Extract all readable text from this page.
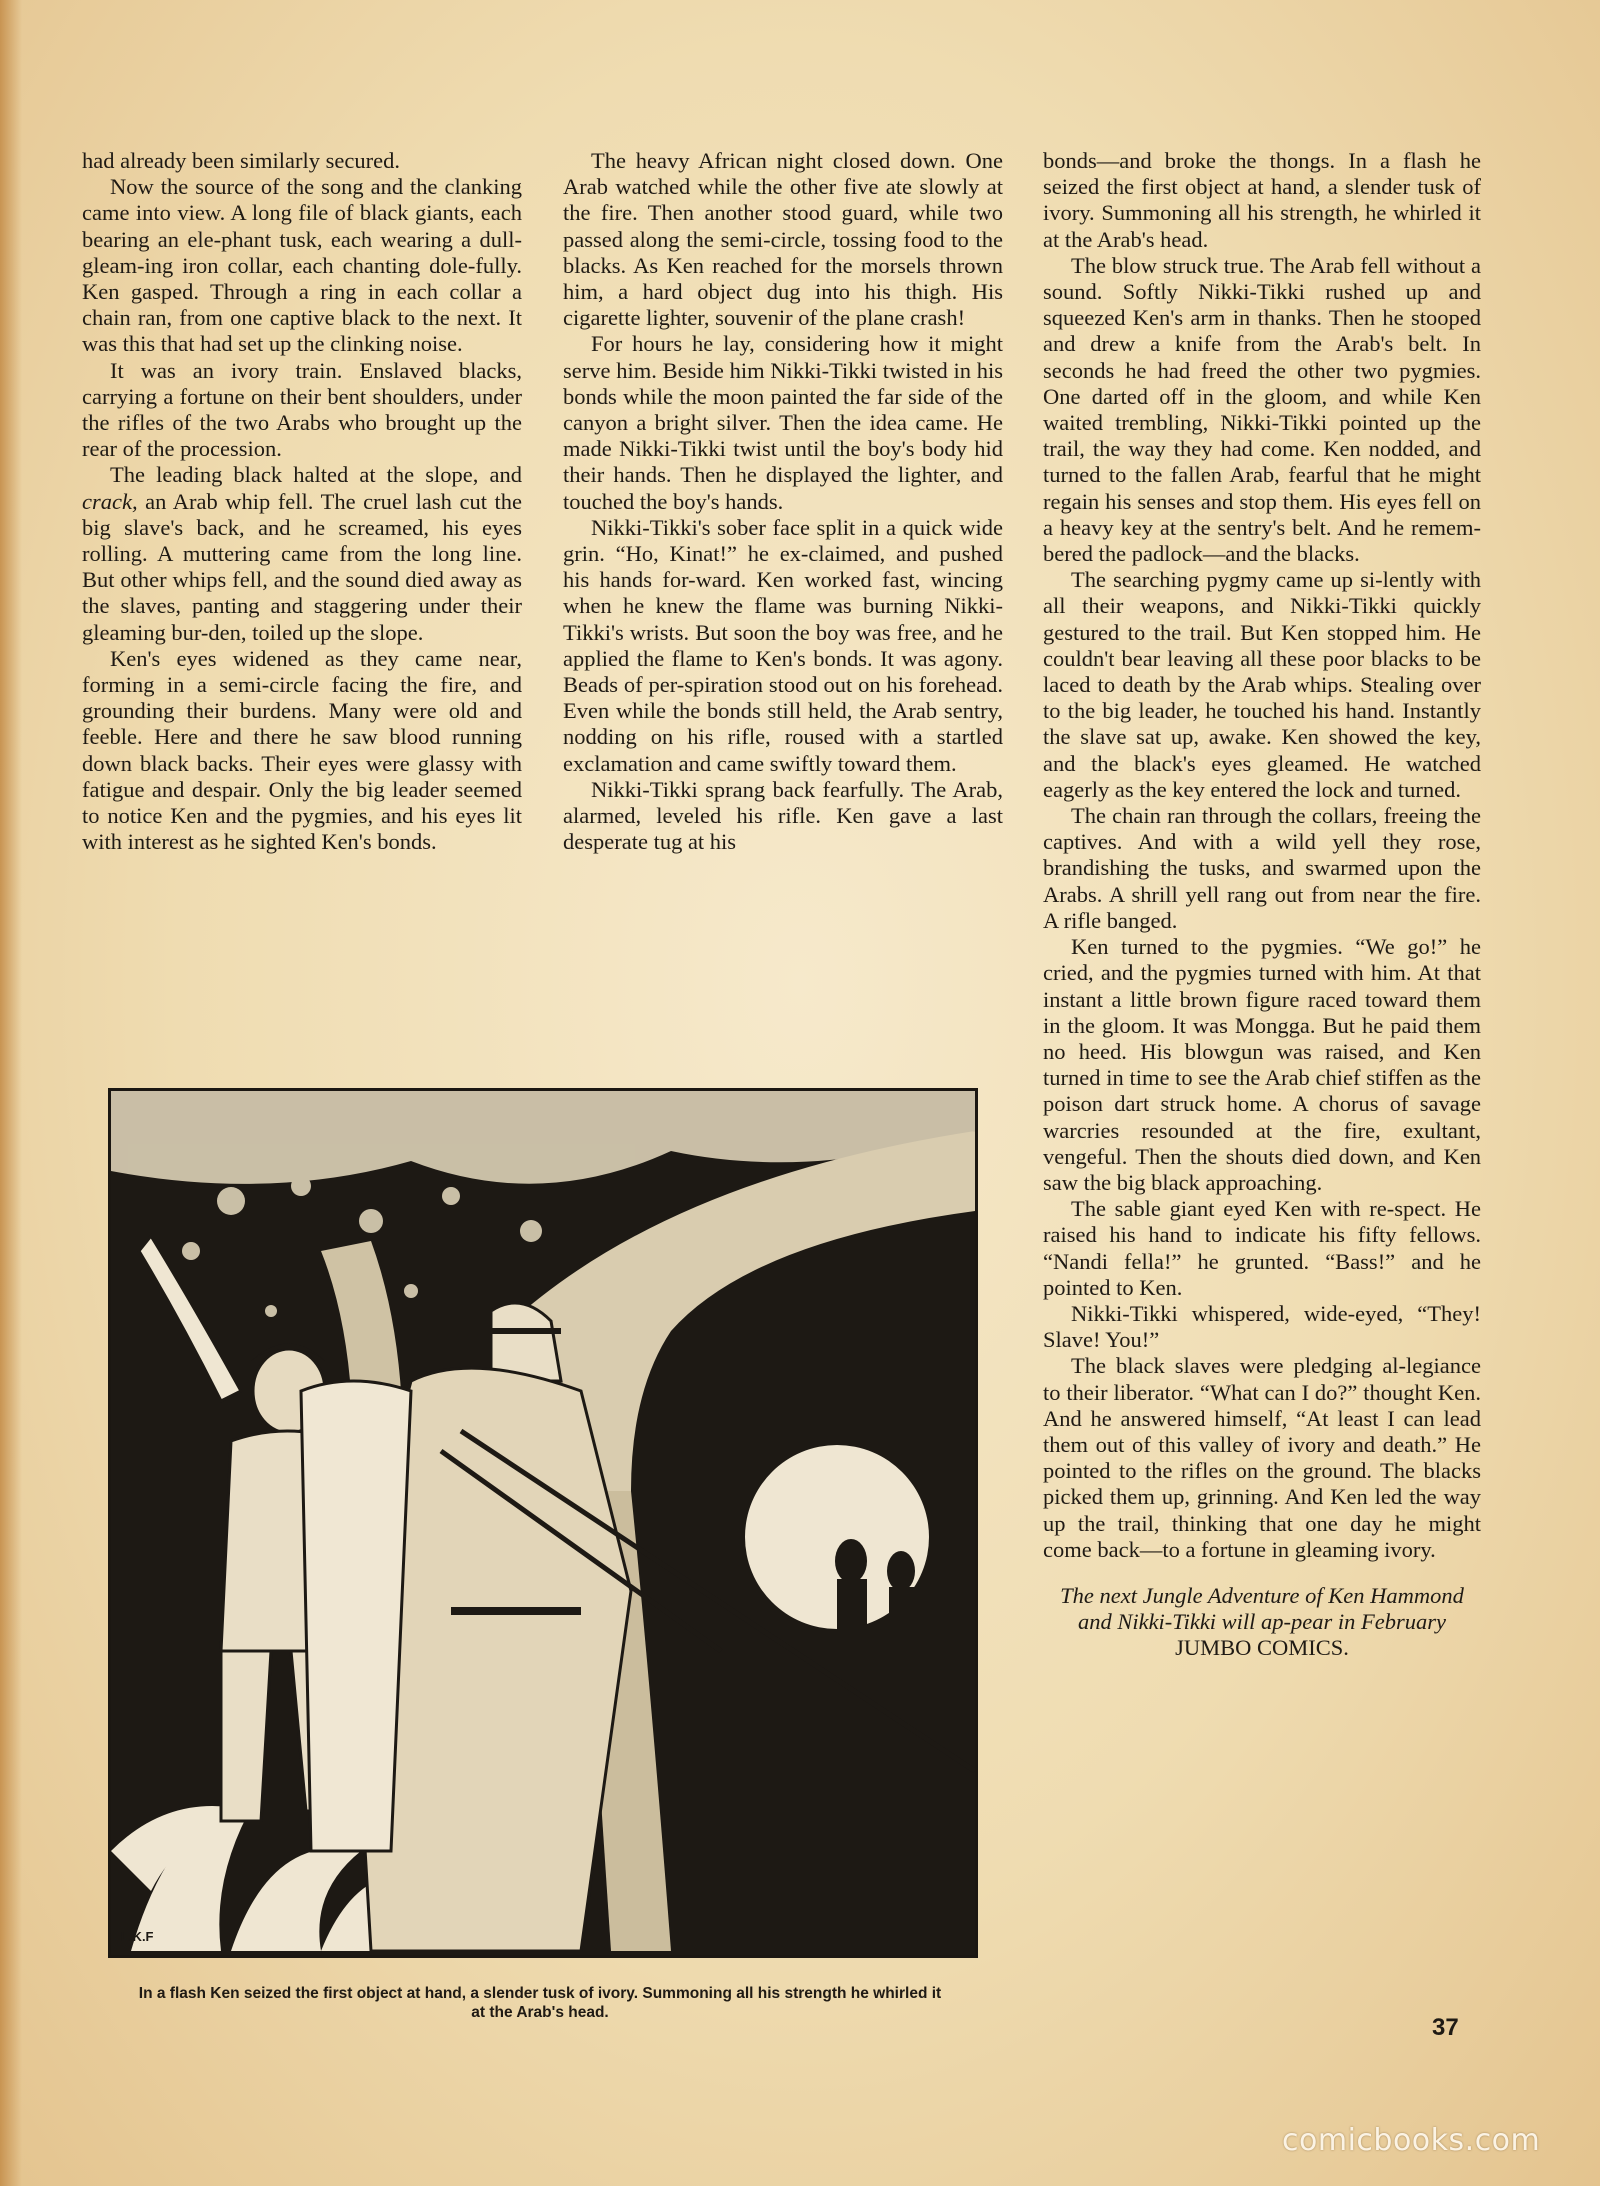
had already been similarly secured.

Now the source of the song and the clanking came into view. A long file of black giants, each bearing an ele-phant tusk, each wearing a dull-gleam-ing iron collar, each chanting dole-fully. Ken gasped. Through a ring in each collar a chain ran, from one captive black to the next. It was this that had set up the clinking noise.

It was an ivory train. Enslaved blacks, carrying a fortune on their bent shoulders, under the rifles of the two Arabs who brought up the rear of the procession.

The leading black halted at the slope, and crack, an Arab whip fell. The cruel lash cut the big slave's back, and he screamed, his eyes rolling. A muttering came from the long line. But other whips fell, and the sound died away as the slaves, panting and staggering under their gleaming bur-den, toiled up the slope.

Ken's eyes widened as they came near, forming in a semi-circle facing the fire, and grounding their burdens. Many were old and feeble. Here and there he saw blood running down black backs. Their eyes were glassy with fatigue and despair. Only the big leader seemed to notice Ken and the pygmies, and his eyes lit with interest as he sighted Ken's bonds.

The heavy African night closed down. One Arab watched while the other five ate slowly at the fire. Then another stood guard, while two passed along the semi-circle, tossing food to the blacks. As Ken reached for the morsels thrown him, a hard object dug into his thigh. His cigarette lighter, souvenir of the plane crash!

For hours he lay, considering how it might serve him. Beside him Nikki-Tikki twisted in his bonds while the moon painted the far side of the canyon a bright silver. Then the idea came. He made Nikki-Tikki twist until the boy's body hid their hands. Then he displayed the lighter, and touched the boy's hands.

Nikki-Tikki's sober face split in a quick wide grin. “Ho, Kinat!” he ex-claimed, and pushed his hands for-ward. Ken worked fast, wincing when he knew the flame was burning Nikki-Tikki's wrists. But soon the boy was free, and he applied the flame to Ken's bonds. It was agony. Beads of per-spiration stood out on his forehead. Even while the bonds still held, the Arab sentry, nodding on his rifle, roused with a startled exclamation and came swiftly toward them.

Nikki-Tikki sprang back fearfully. The Arab, alarmed, leveled his rifle. Ken gave a last desperate tug at his

bonds—and broke the thongs. In a flash he seized the first object at hand, a slender tusk of ivory. Summoning all his strength, he whirled it at the Arab's head.

The blow struck true. The Arab fell without a sound. Softly Nikki-Tikki rushed up and squeezed Ken's arm in thanks. Then he stooped and drew a knife from the Arab's belt. In seconds he had freed the other two pygmies. One darted off in the gloom, and while Ken waited trembling, Nikki-Tikki pointed up the trail, the way they had come. Ken nodded, and turned to the fallen Arab, fearful that he might regain his senses and stop them. His eyes fell on a heavy key at the sentry's belt. And he remem-bered the padlock—and the blacks.

The searching pygmy came up si-lently with all their weapons, and Nikki-Tikki quickly gestured to the trail. But Ken stopped him. He couldn't bear leaving all these poor blacks to be laced to death by the Arab whips. Stealing over to the big leader, he touched his hand. Instantly the slave sat up, awake. Ken showed the key, and the black's eyes gleamed. He watched eagerly as the key entered the lock and turned.

The chain ran through the collars, freeing the captives. And with a wild yell they rose, brandishing the tusks, and swarmed upon the Arabs. A shrill yell rang out from near the fire. A rifle banged.

Ken turned to the pygmies. “We go!” he cried, and the pygmies turned with him. At that instant a little brown figure raced toward them in the gloom. It was Mongga. But he paid them no heed. His blowgun was raised, and Ken turned in time to see the Arab chief stiffen as the poison dart struck home. A chorus of savage warcries resounded at the fire, exultant, vengeful. Then the shouts died down, and Ken saw the big black approaching.

The sable giant eyed Ken with re-spect. He raised his hand to indicate his fifty fellows. “Nandi fella!” he grunted. “Bass!” and he pointed to Ken.

Nikki-Tikki whispered, wide-eyed, “They! Slave! You!”

The black slaves were pledging al-legiance to their liberator. “What can I do?” thought Ken. And he answered himself, “At least I can lead them out of this valley of ivory and death.” He pointed to the rifles on the ground. The blacks picked them up, grinning. And Ken led the way up the trail, thinking that one day he might come back—to a fortune in gleaming ivory.

The next Jungle Adventure of Ken Hammond and Nikki-Tikki will ap-pear in February JUMBO COMICS.

L.K.F
In a flash Ken seized the first object at hand, a slender tusk of ivory. Summoning all his strength he whirled it at the Arab's head.
37
comicbooks.com
